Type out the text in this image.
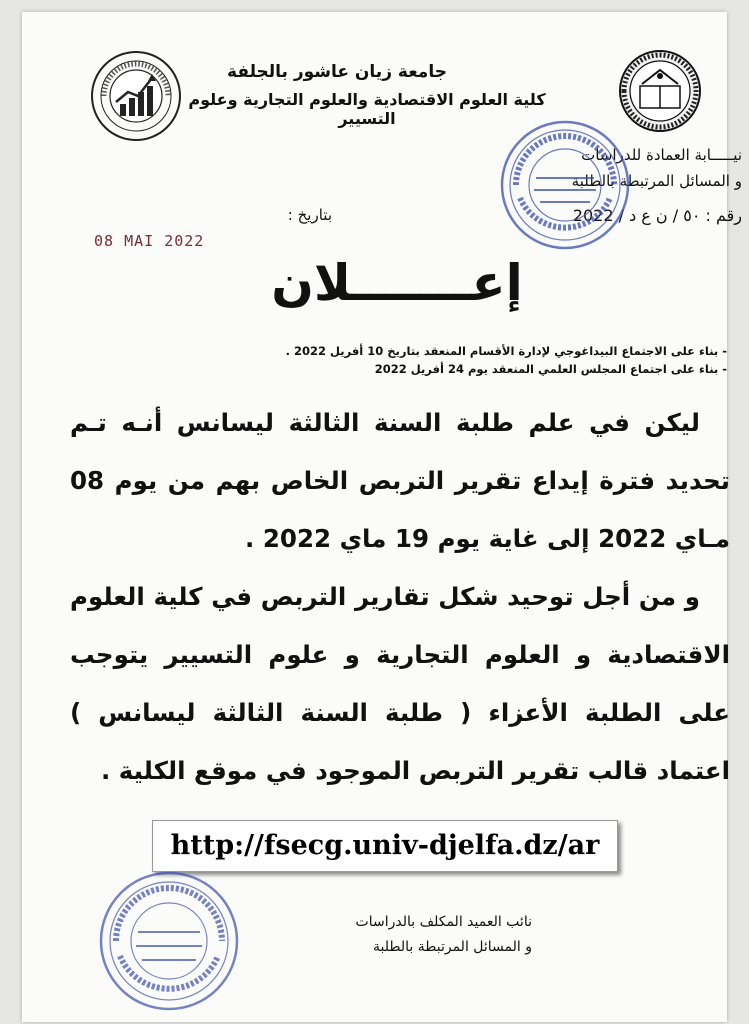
جامعة زيان عاشور بالجلفة
كلية العلوم الاقتصادية والعلوم التجارية وعلوم التسيير
نيـــــابة العمادة للدراسات
و المسائل المرتبطة بالطلبة
رقم : ٥٠ / ن ع د / 2022
بتاريخ :
08 MAI 2022
إعـــــــلان
- بناء على الاجتماع البيداغوجي لإدارة الأقسام المنعقد بتاريخ 10 أفريل 2022 .
- بناء على اجتماع المجلس العلمي المنعقد يوم 24 أفريل 2022

ليكن في علم طلبة السنة الثالثة ليسانس أنـه تـم تحديد فترة إيداع تقرير التربص الخاص بهم من يوم 08 مـاي 2022 إلى غاية يوم 19 ماي 2022 .

و من أجل توحيد شكل تقارير التربص في كلية العلوم الاقتصادية و العلوم التجارية و علوم التسيير يتوجب على الطلبة الأعزاء ( طلبة السنة الثالثة ليسانس ) اعتماد قالب تقرير التربص الموجود في موقع الكلية .

http://fsecg.univ-djelfa.dz/ar
نائب العميد المكلف بالدراسات
و المسائل المرتبطة بالطلبة
